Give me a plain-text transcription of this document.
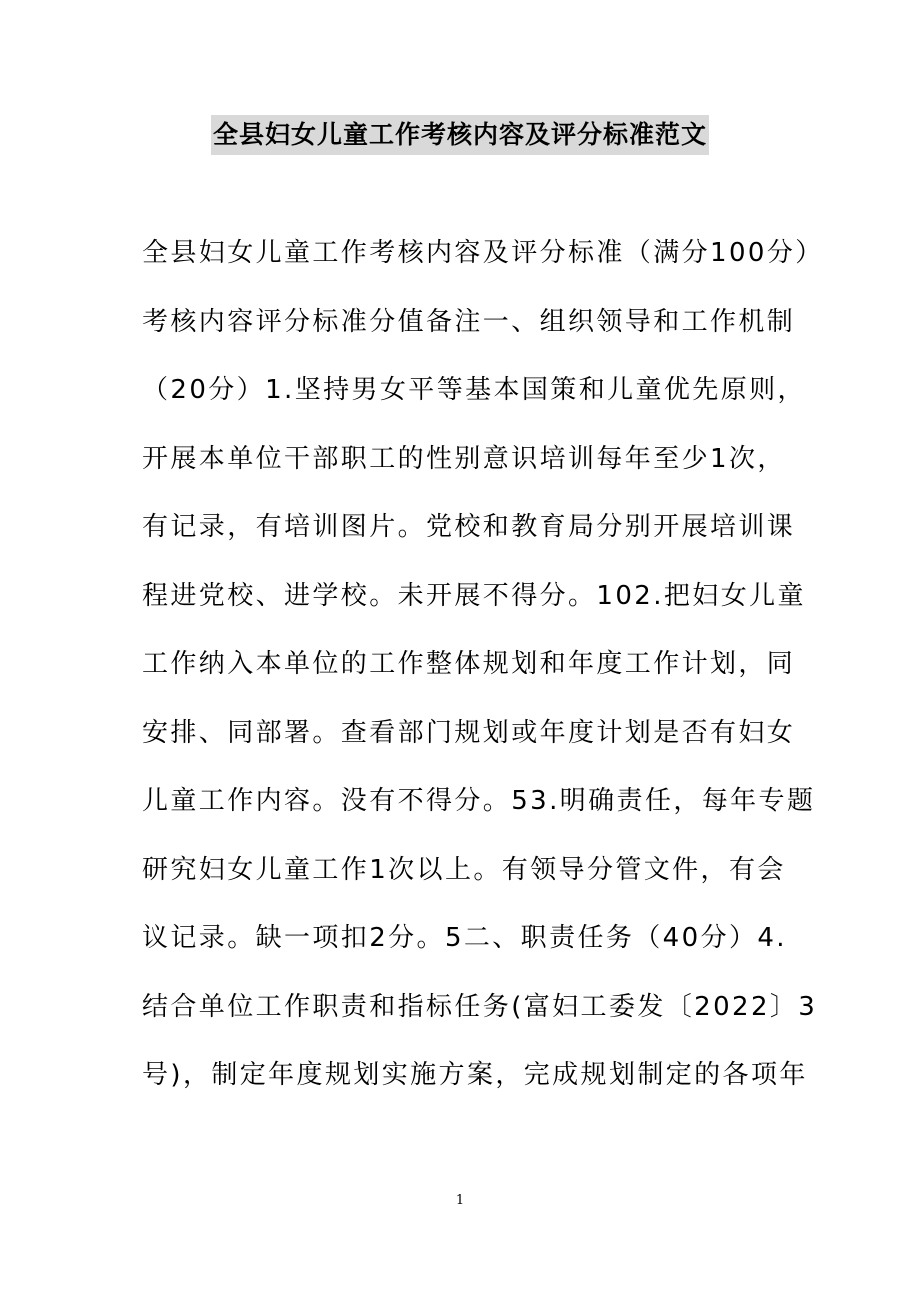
全县妇女儿童工作考核内容及评分标准范文
全县妇女儿童工作考核内容及评分标准（满分100分）
考核内容评分标准分值备注一、组织领导和工作机制
（20分）1.坚持男女平等基本国策和儿童优先原则，
开展本单位干部职工的性别意识培训每年至少1次，
有记录，有培训图片。党校和教育局分别开展培训课
程进党校、进学校。未开展不得分。102.把妇女儿童
工作纳入本单位的工作整体规划和年度工作计划，同
安排、同部署。查看部门规划或年度计划是否有妇女
儿童工作内容。没有不得分。53.明确责任，每年专题
研究妇女儿童工作1次以上。有领导分管文件，有会
议记录。缺一项扣2分。5二、职责任务（40分）4.
结合单位工作职责和指标任务(富妇工委发〔2022〕3
号)，制定年度规划实施方案，完成规划制定的各项年
1
